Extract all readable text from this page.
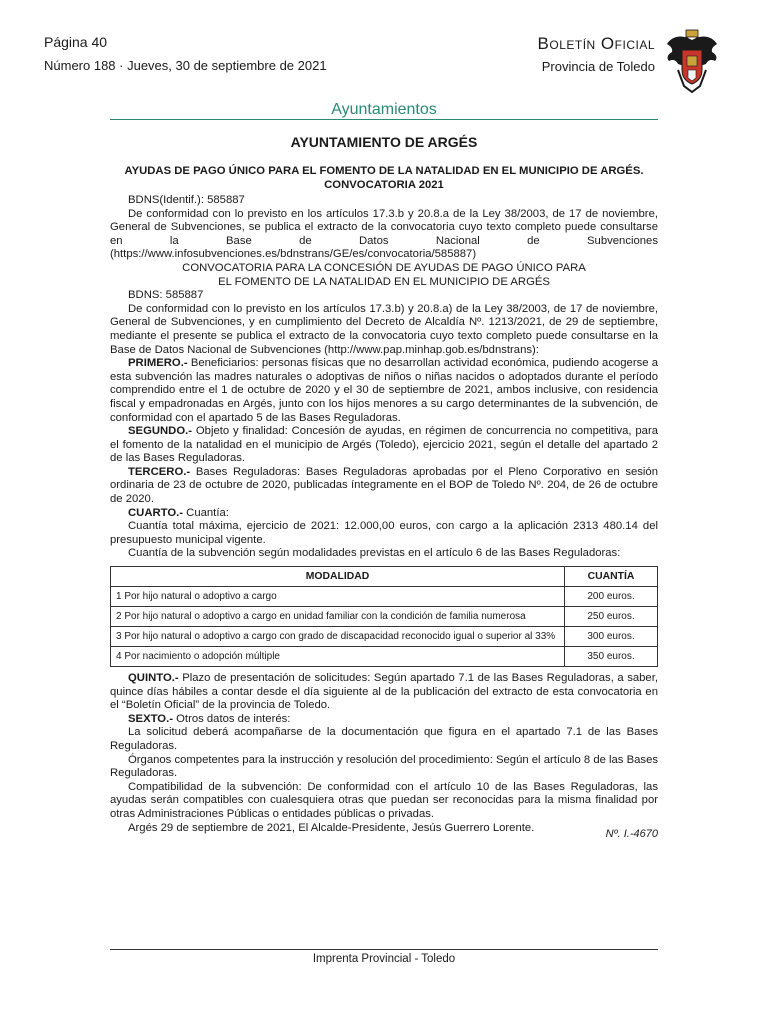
Página 40
Número 188 · Jueves, 30 de septiembre de 2021
Boletín Oficial
Provincia de Toledo
Ayuntamientos
AYUNTAMIENTO DE ARGÉS
AYUDAS DE PAGO ÚNICO PARA EL FOMENTO DE LA NATALIDAD EN EL MUNICIPIO DE ARGÉS. CONVOCATORIA 2021

BDNS(Identif.): 585887

De conformidad con lo previsto en los artículos 17.3.b y 20.8.a de la Ley 38/2003, de 17 de noviembre, General de Subvenciones, se publica el extracto de la convocatoria cuyo texto completo puede consultarse en la Base de Datos Nacional de Subvenciones (https://www.infosubvenciones.es/bdnstrans/GE/es/convocatoria/585887)

CONVOCATORIA PARA LA CONCESIÓN DE AYUDAS DE PAGO ÚNICO PARA

EL FOMENTO DE LA NATALIDAD EN EL MUNICIPIO DE ARGÉS

BDNS: 585887

De conformidad con lo previsto en los artículos 17.3.b) y 20.8.a) de la Ley 38/2003, de 17 de noviembre, General de Subvenciones, y en cumplimiento del Decreto de Alcaldía Nº. 1213/2021, de 29 de septiembre, mediante el presente se publica el extracto de la convocatoria cuyo texto completo puede consultarse en la Base de Datos Nacional de Subvenciones (http://www.pap.minhap.gob.es/bdnstrans):

PRIMERO.- Beneficiarios: personas físicas que no desarrollan actividad económica, pudiendo acogerse a esta subvención las madres naturales o adoptivas de niños o niñas nacidos o adoptados durante el período comprendido entre el 1 de octubre de 2020 y el 30 de septiembre de 2021, ambos inclusive, con residencia fiscal y empadronadas en Argés, junto con los hijos menores a su cargo determinantes de la subvención, de conformidad con el apartado 5 de las Bases Reguladoras.

SEGUNDO.- Objeto y finalidad: Concesión de ayudas, en régimen de concurrencia no competitiva, para el fomento de la natalidad en el municipio de Argés (Toledo), ejercicio 2021, según el detalle del apartado 2 de las Bases Reguladoras.

TERCERO.- Bases Reguladoras: Bases Reguladoras aprobadas por el Pleno Corporativo en sesión ordinaria de 23 de octubre de 2020, publicadas íntegramente en el BOP de Toledo Nº. 204, de 26 de octubre de 2020.

CUARTO.- Cuantía:

Cuantía total máxima, ejercicio de 2021: 12.000,00 euros, con cargo a la aplicación 2313 480.14 del presupuesto municipal vigente.

Cuantía de la subvención según modalidades previstas en el artículo 6 de las Bases Reguladoras:

MODALIDAD	CUANTÍA
1 Por hijo natural o adoptivo a cargo	200 euros.
2 Por hijo natural o adoptivo a cargo en unidad familiar con la condición de familia numerosa	250 euros.
3 Por hijo natural o adoptivo a cargo con grado de discapacidad reconocido igual o superior al 33%	300 euros.
4 Por nacimiento o adopción múltiple	350 euros.

QUINTO.- Plazo de presentación de solicitudes: Según apartado 7.1 de las Bases Reguladoras, a saber, quince días hábiles a contar desde el día siguiente al de la publicación del extracto de esta convocatoria en el “Boletín Oficial” de la provincia de Toledo.

SEXTO.- Otros datos de interés:

La solicitud deberá acompañarse de la documentación que figura en el apartado 7.1 de las Bases Reguladoras.

Órganos competentes para la instrucción y resolución del procedimiento: Según el artículo 8 de las Bases Reguladoras.

Compatibilidad de la subvención: De conformidad con el artículo 10 de las Bases Reguladoras, las ayudas serán compatibles con cualesquiera otras que puedan ser reconocidas para la misma finalidad por otras Administraciones Públicas o entidades públicas o privadas.

Argés 29 de septiembre de 2021, El Alcalde-Presidente, Jesús Guerrero Lorente.

Nº. I.-4670
Imprenta Provincial - Toledo
